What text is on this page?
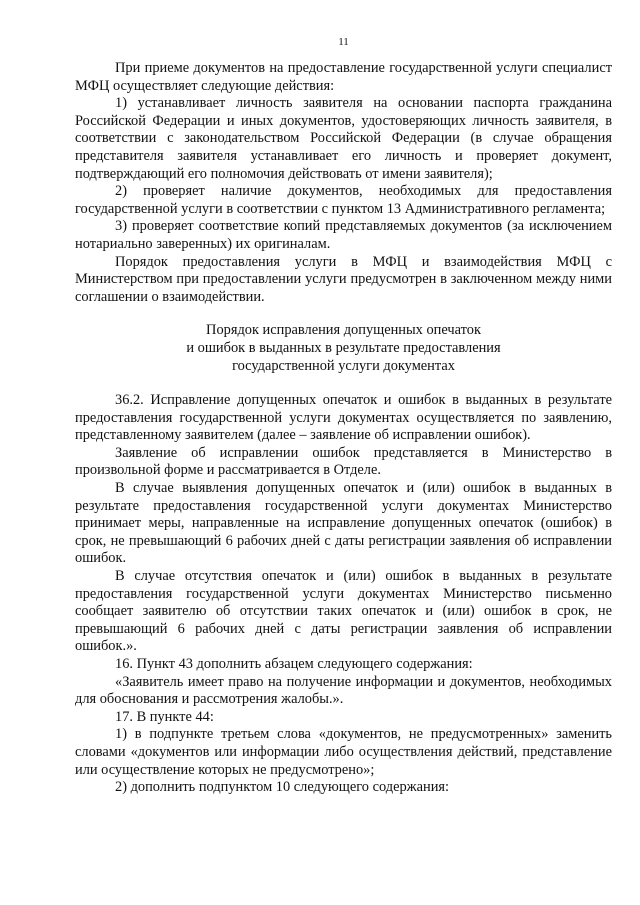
11

При приеме документов на предоставление государственной услуги специалист МФЦ осуществляет следующие действия:

1) устанавливает личность заявителя на основании паспорта гражданина Российской Федерации и иных документов, удостоверяющих личность заявителя, в соответствии с законодательством Российской Федерации (в случае обращения представителя заявителя устанавливает его личность и проверяет документ, подтверждающий его полномочия действовать от имени заявителя);

2) проверяет наличие документов, необходимых для предоставления государственной услуги в соответствии с пунктом 13 Административного регламента;

3) проверяет соответствие копий представляемых документов (за исключением нотариально заверенных) их оригиналам.

Порядок предоставления услуги в МФЦ и взаимодействия МФЦ с Министерством при предоставлении услуги предусмотрен в заключенном между ними соглашении о взаимодействии.

Порядок исправления допущенных опечаток

и ошибок в выданных в результате предоставления

государственной услуги документах

36.2. Исправление допущенных опечаток и ошибок в выданных в результате предоставления государственной услуги документах осуществляется по заявлению, представленному заявителем (далее – заявление об исправлении ошибок).

Заявление об исправлении ошибок представляется в Министерство в произвольной форме и рассматривается в Отделе.

В случае выявления допущенных опечаток и (или) ошибок в выданных в результате предоставления государственной услуги документах Министерство принимает меры, направленные на исправление допущенных опечаток (ошибок) в срок, не превышающий 6 рабочих дней с даты регистрации заявления об исправлении ошибок.

В случае отсутствия опечаток и (или) ошибок в выданных в результате предоставления государственной услуги документах Министерство письменно сообщает заявителю об отсутствии таких опечаток и (или) ошибок в срок, не превышающий 6 рабочих дней с даты регистрации заявления об исправлении ошибок.».

16. Пункт 43 дополнить абзацем следующего содержания:

«Заявитель имеет право на получение информации и документов, необходимых для обоснования и рассмотрения жалобы.».

17. В пункте 44:

1) в подпункте третьем слова «документов, не предусмотренных» заменить словами «документов или информации либо осуществления действий, представление или осуществление которых не предусмотрено»;

2) дополнить подпунктом 10 следующего содержания:
